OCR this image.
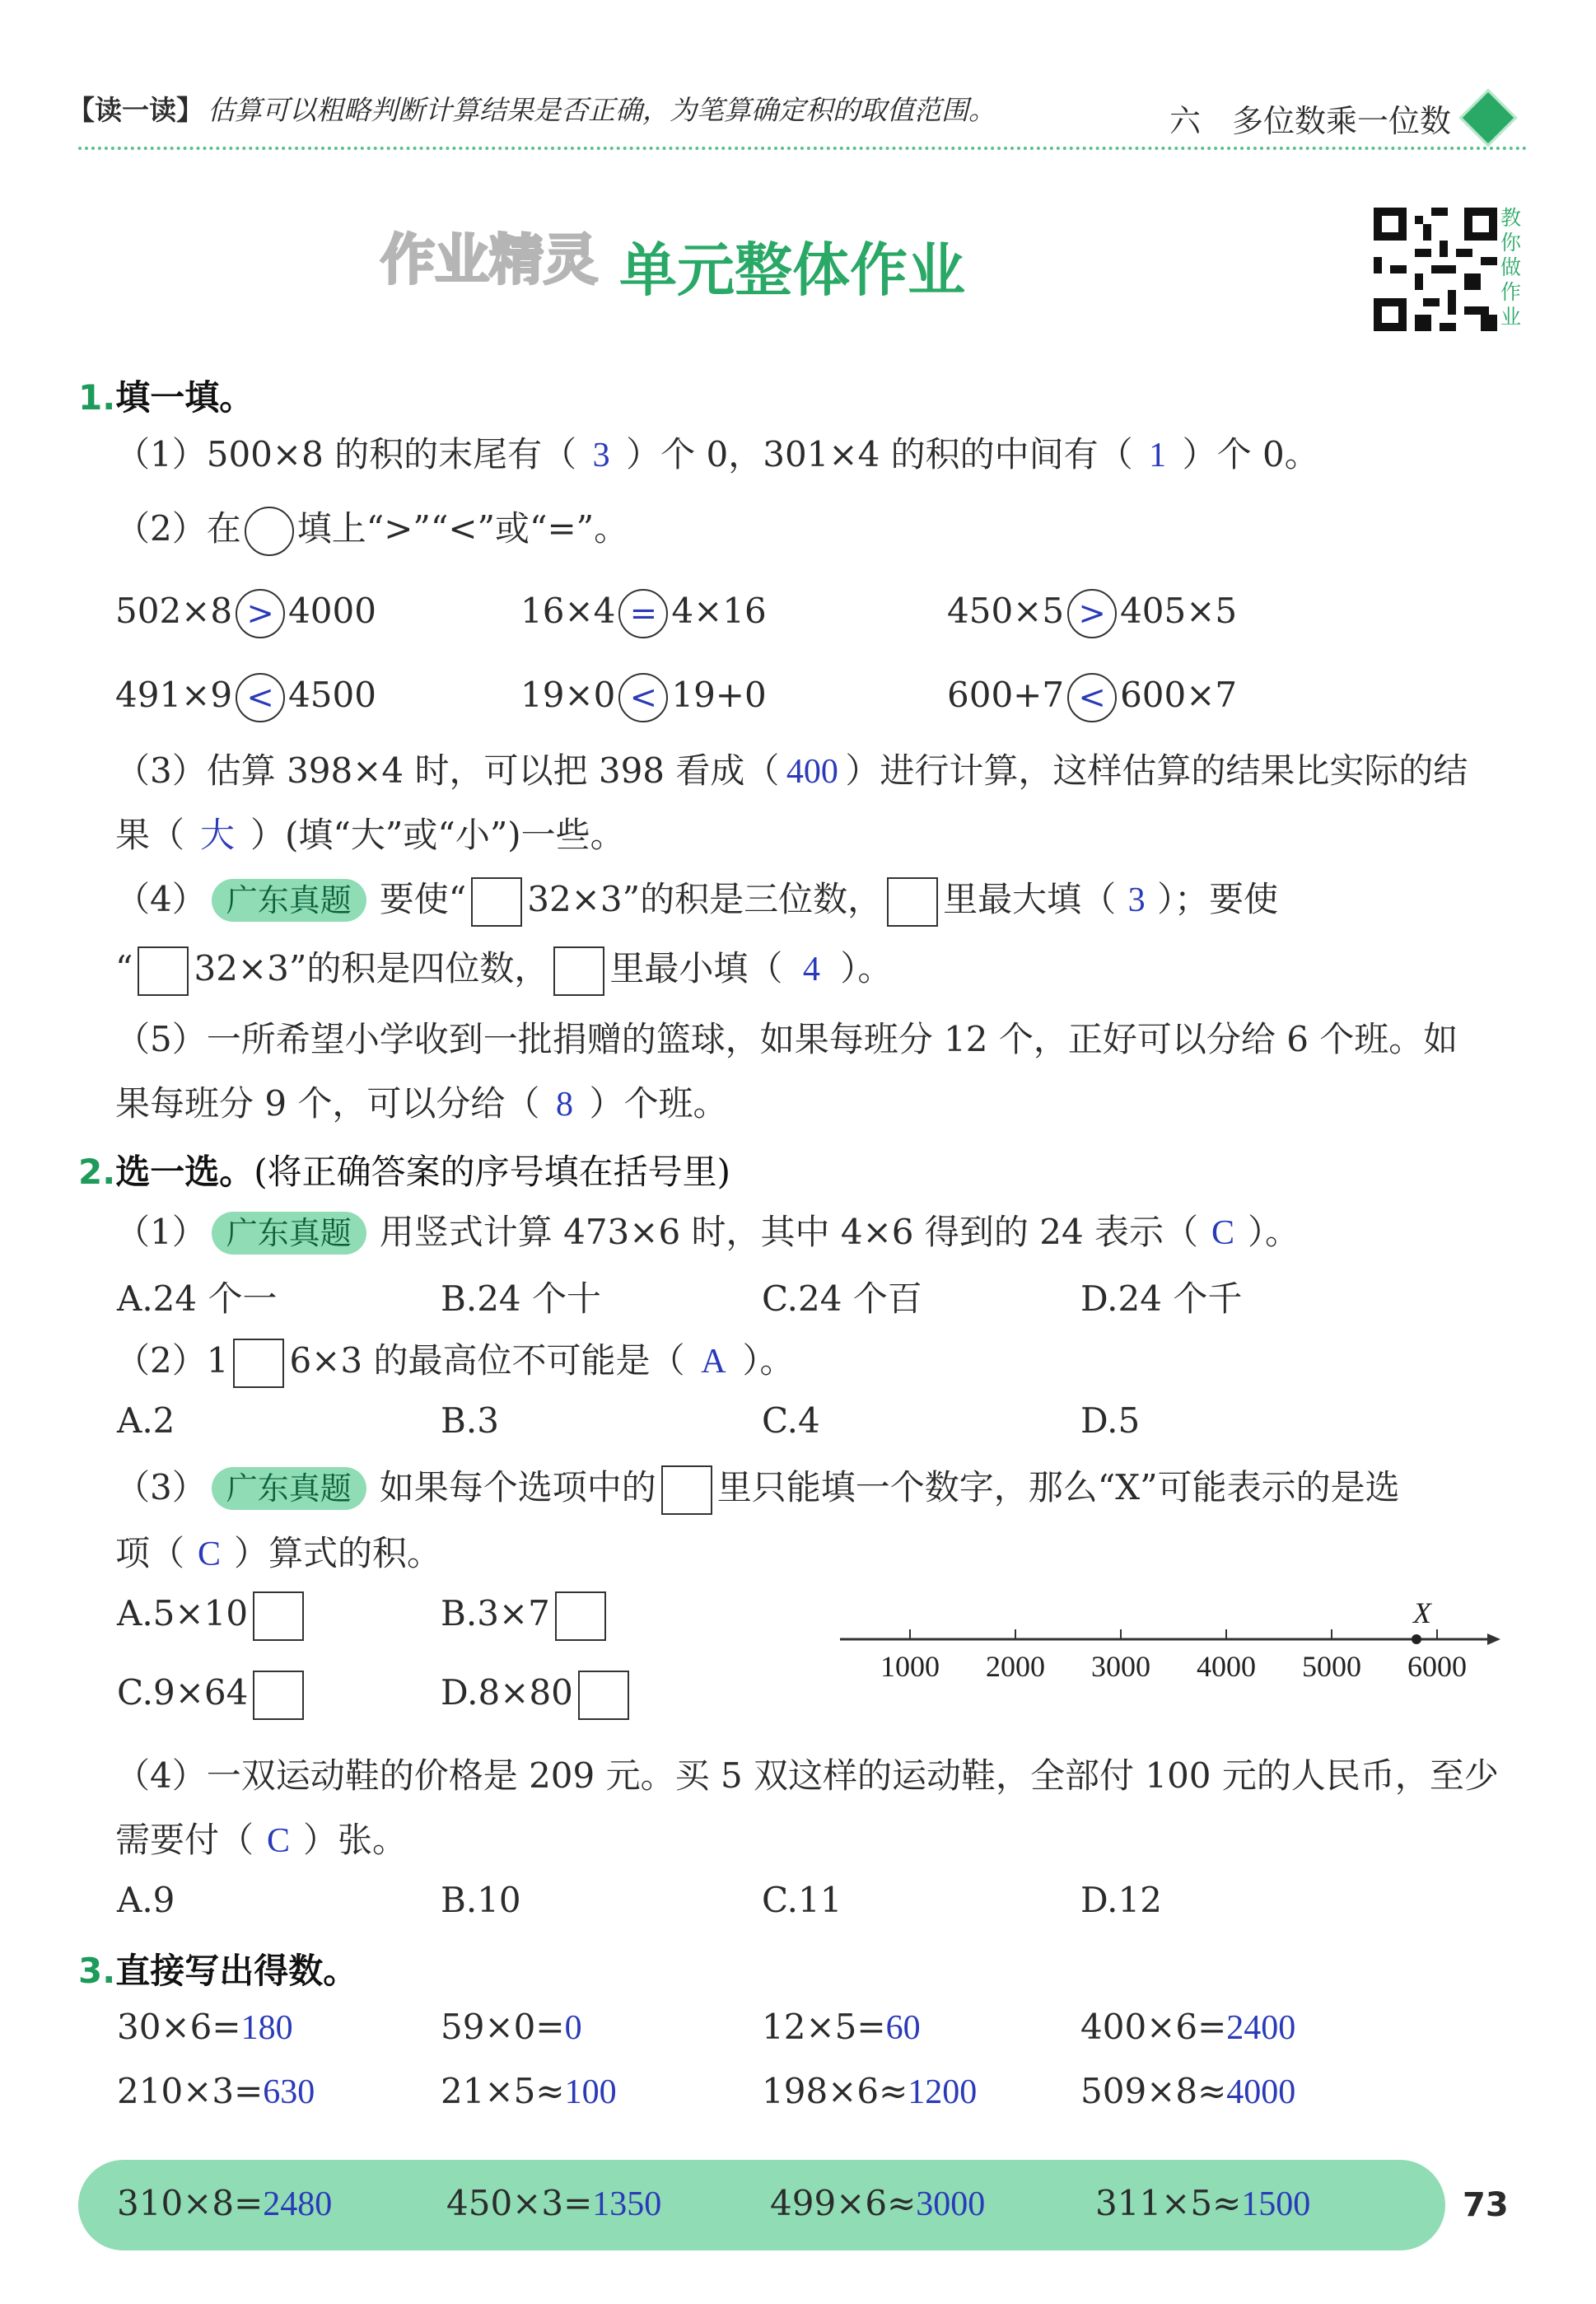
【读一读】 估算可以粗略判断计算结果是否正确，为笔算确定积的取值范围。	六　多位数乘一位数
作业精灵 单元整体作业
教你做作业
1.填一填。
（1）500×8 的积的末尾有（ 3 ）个 0，301×4 的积的中间有（ 1 ）个 0。
（2）在 填上“>”“<”或“=”。
502×8 > 4000	16×4 = 4×16	450×5 > 405×5
491×9 < 4500	19×0 < 19+0	600+7 < 600×7
（3）估算 398×4 时，可以把 398 看成（ 400 ）进行计算，这样估算的结果比实际的结
果（ 大 ）(填“大”或“小”)一些。
（4） 广东真题 要使“ 32×3”的积是三位数， 里最大填（ 3 ）；要使
“ 32×3”的积是四位数， 里最小填（ 4 ）。
（5）一所希望小学收到一批捐赠的篮球，如果每班分 12 个，正好可以分给 6 个班。如
果每班分 9 个，可以分给（ 8 ）个班。
2.选一选。(将正确答案的序号填在括号里)
（1） 广东真题 用竖式计算 473×6 时，其中 4×6 得到的 24 表示（ C ）。
A.24 个一	B.24 个十	C.24 个百	D.24 个千
（2）1 6×3 的最高位不可能是（ A ）。
A.2	B.3	C.4	D.5
（3） 广东真题 如果每个选项中的 里只能填一个数字，那么“X”可能表示的是选
项（ C ）算式的积。
A.5×10	B.3×7
C.9×64	D.8×80
1000 2000 3000 4000 5000 6000
X
（4）一双运动鞋的价格是 209 元。买 5 双这样的运动鞋，全部付 100 元的人民币，至少
需要付（ C ）张。
A.9	B.10	C.11	D.12
3.直接写出得数。
30×6=180	59×0=0	12×5=60	400×6=2400
210×3=630	21×5≈100	198×6≈1200	509×8≈4000
310×8=2480	450×3=1350	499×6≈3000	311×5≈1500	73
